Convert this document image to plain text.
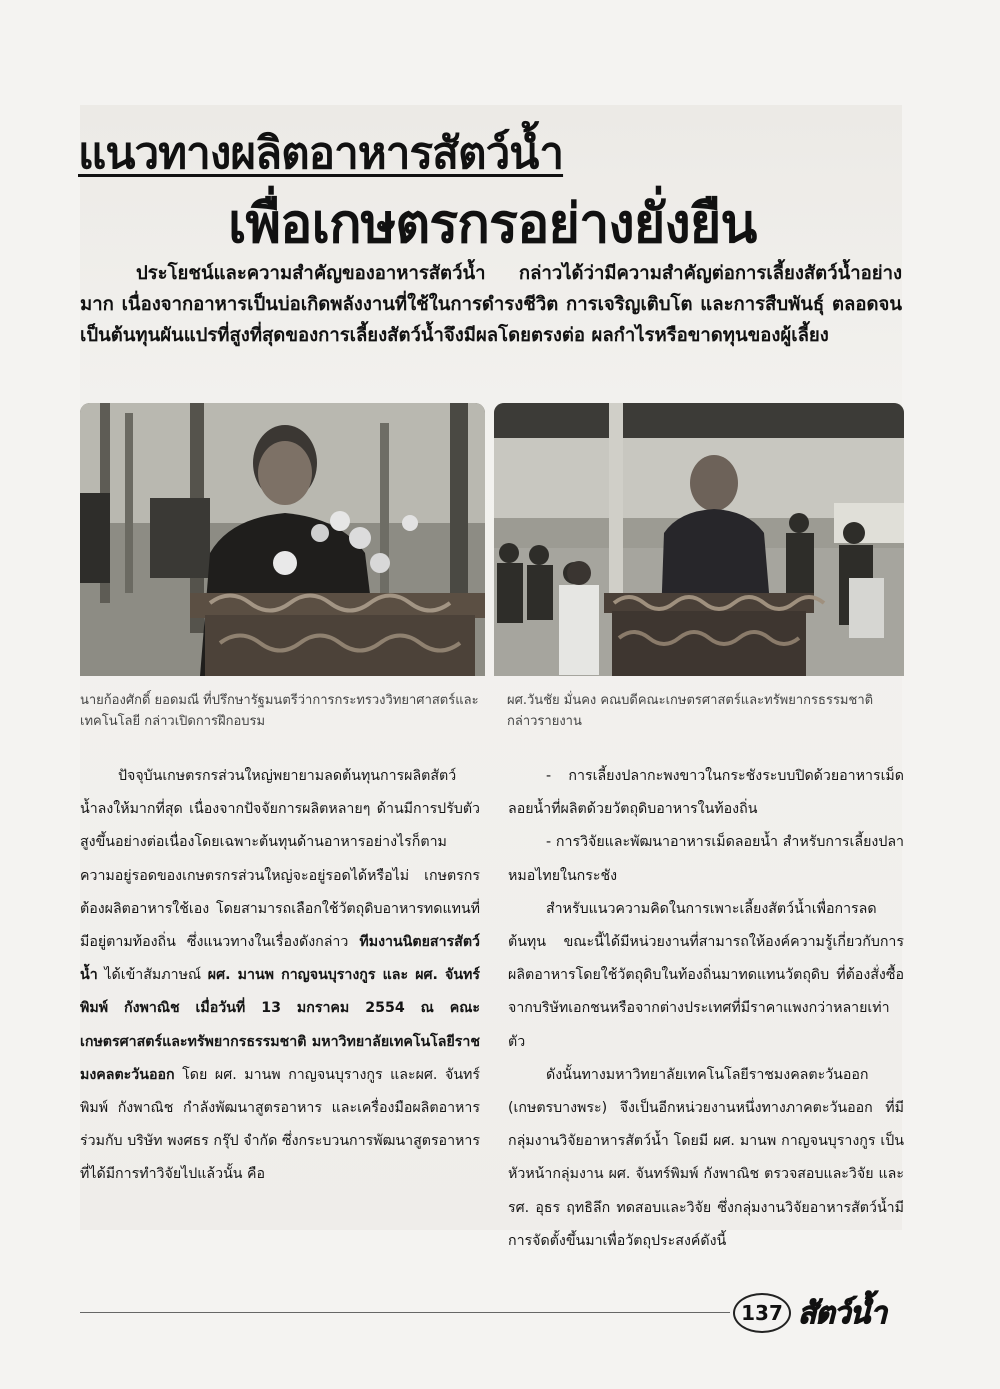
แนวทางผลิตอาหารสัตว์น้ำ
เพื่อเกษตรกรอย่างยั่งยืน

ประโยชน์และความสำคัญของอาหารสัตว์น้ำ กล่าวได้ว่ามีความสำคัญต่อการเลี้ยงสัตว์น้ำอย่างมาก เนื่องจากอาหารเป็นบ่อเกิดพลังงานที่ใช้ในการดำรงชีวิต การเจริญเติบโต และการสืบพันธุ์ ตลอดจนเป็นต้นทุนผันแปรที่สูงที่สุดของการเลี้ยงสัตว์น้ำจึงมีผลโดยตรงต่อ ผลกำไรหรือขาดทุนของผู้เลี้ยง

นายก้องศักดิ์ ยอดมณี ที่ปรึกษารัฐมนตรีว่าการกระทรวงวิทยาศาสตร์และเทคโนโลยี กล่าวเปิดการฝึกอบรม
ผศ.วันชัย มั่นคง คณบดีคณะเกษตรศาสตร์และทรัพยากรธรรมชาติ กล่าวรายงาน

ปัจจุบันเกษตรกรส่วนใหญ่พยายามลดต้นทุนการผลิตสัตว์น้ำลงให้มากที่สุด เนื่องจากปัจจัยการผลิตหลายๆ ด้านมีการปรับตัวสูงขึ้นอย่างต่อเนื่องโดยเฉพาะต้นทุนด้านอาหารอย่างไรก็ตามความอยู่รอดของเกษตรกรส่วนใหญ่จะอยู่รอดได้หรือไม่ เกษตรกรต้องผลิตอาหารใช้เอง โดยสามารถเลือกใช้วัตถุดิบอาหารทดแทนที่มีอยู่ตามท้องถิ่น ซึ่งแนวทางในเรื่องดังกล่าว ทีมงานนิตยสารสัตว์น้ำ ได้เข้าสัมภาษณ์ ผศ. มานพ กาญจนบุรางกูร และ ผศ. จันทร์พิมพ์ กังพาณิช เมื่อวันที่ 13 มกราคม 2554 ณ คณะเกษตรศาสตร์และทรัพยากรธรรมชาติ มหาวิทยาลัยเทคโนโลยีราชมงคลตะวันออก โดย ผศ. มานพ กาญจนบุรางกูร และผศ. จันทร์พิมพ์ กังพาณิช กำลังพัฒนาสูตรอาหาร และเครื่องมือผลิตอาหาร ร่วมกับ บริษัท พงศธร กรุ๊ป จำกัด ซึ่งกระบวนการพัฒนาสูตรอาหารที่ได้มีการทำวิจัยไปแล้วนั้น คือ

- การเลี้ยงปลากะพงขาวในกระชังระบบปิดด้วยอาหารเม็ดลอยน้ำที่ผลิตด้วยวัตถุดิบอาหารในท้องถิ่น

- การวิจัยและพัฒนาอาหารเม็ดลอยน้ำ สำหรับการเลี้ยงปลาหมอไทยในกระชัง

สำหรับแนวความคิดในการเพาะเลี้ยงสัตว์น้ำเพื่อการลดต้นทุน ขณะนี้ได้มีหน่วยงานที่สามารถให้องค์ความรู้เกี่ยวกับการผลิตอาหารโดยใช้วัตถุดิบในท้องถิ่นมาทดแทนวัตถุดิบ ที่ต้องสั่งซื้อจากบริษัทเอกชนหรือจากต่างประเทศที่มีราคาแพงกว่าหลายเท่าตัว

ดังนั้นทางมหาวิทยาลัยเทคโนโลยีราชมงคลตะวันออก (เกษตรบางพระ) จึงเป็นอีกหน่วยงานหนึ่งทางภาคตะวันออก ที่มีกลุ่มงานวิจัยอาหารสัตว์น้ำ โดยมี ผศ. มานพ กาญจนบุรางกูร เป็นหัวหน้ากลุ่มงาน ผศ. จันทร์พิมพ์ กังพาณิช ตรวจสอบและวิจัย และ รศ. อุธร ฤทธิลึก ทดสอบและวิจัย ซึ่งกลุ่มงานวิจัยอาหารสัตว์น้ำมีการจัดตั้งขึ้นมาเพื่อวัตถุประสงค์ดังนี้

137 สัตว์น้ำ
